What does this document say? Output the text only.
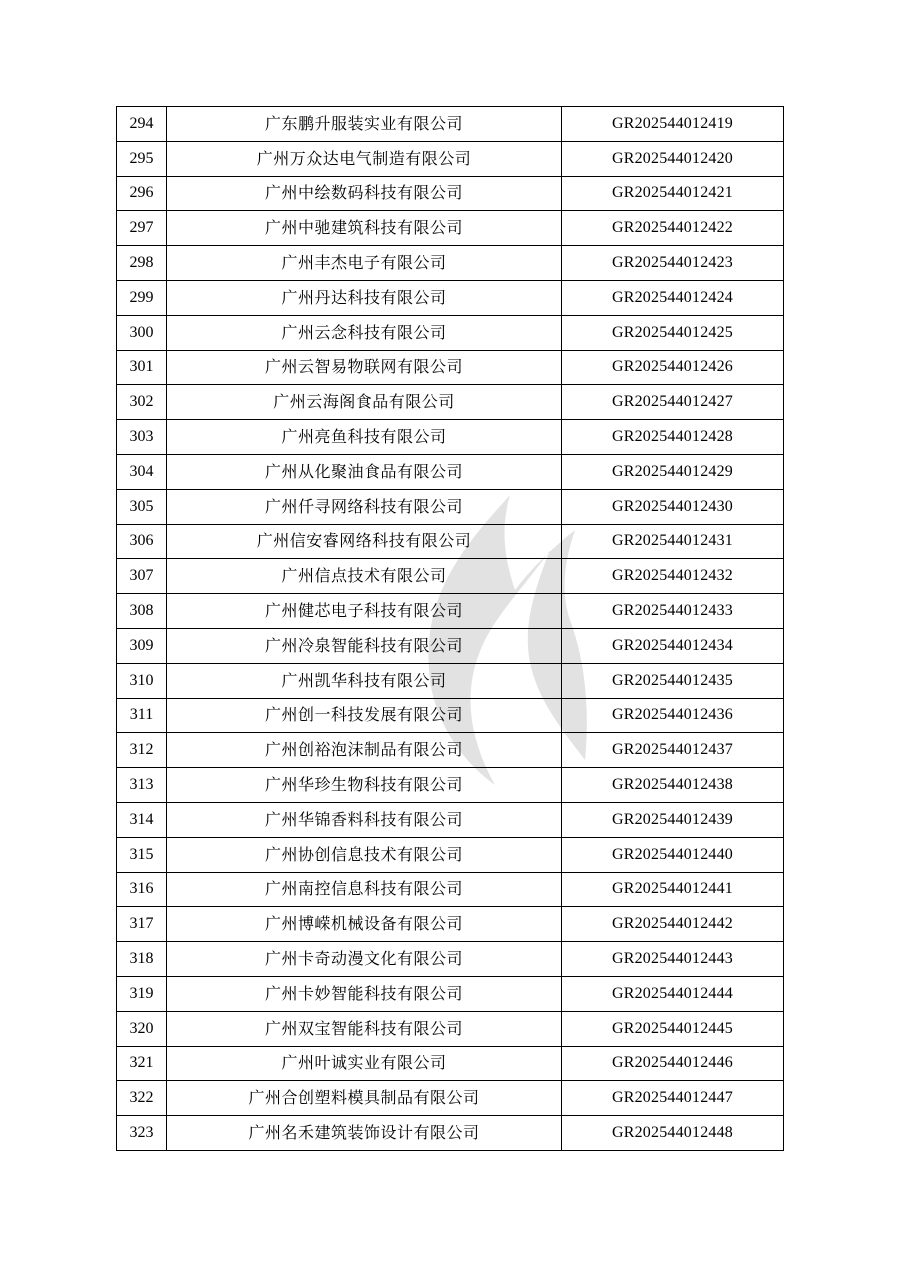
294	广东鹏升服装实业有限公司	GR202544012419
295	广州万众达电气制造有限公司	GR202544012420
296	广州中绘数码科技有限公司	GR202544012421
297	广州中驰建筑科技有限公司	GR202544012422
298	广州丰杰电子有限公司	GR202544012423
299	广州丹达科技有限公司	GR202544012424
300	广州云念科技有限公司	GR202544012425
301	广州云智易物联网有限公司	GR202544012426
302	广州云海阁食品有限公司	GR202544012427
303	广州亮鱼科技有限公司	GR202544012428
304	广州从化聚油食品有限公司	GR202544012429
305	广州仟寻网络科技有限公司	GR202544012430
306	广州信安睿网络科技有限公司	GR202544012431
307	广州信点技术有限公司	GR202544012432
308	广州健芯电子科技有限公司	GR202544012433
309	广州冷泉智能科技有限公司	GR202544012434
310	广州凯华科技有限公司	GR202544012435
311	广州创一科技发展有限公司	GR202544012436
312	广州创裕泡沫制品有限公司	GR202544012437
313	广州华珍生物科技有限公司	GR202544012438
314	广州华锦香料科技有限公司	GR202544012439
315	广州协创信息技术有限公司	GR202544012440
316	广州南控信息科技有限公司	GR202544012441
317	广州博嵘机械设备有限公司	GR202544012442
318	广州卡奇动漫文化有限公司	GR202544012443
319	广州卡妙智能科技有限公司	GR202544012444
320	广州双宝智能科技有限公司	GR202544012445
321	广州叶诚实业有限公司	GR202544012446
322	广州合创塑料模具制品有限公司	GR202544012447
323	广州名禾建筑装饰设计有限公司	GR202544012448
